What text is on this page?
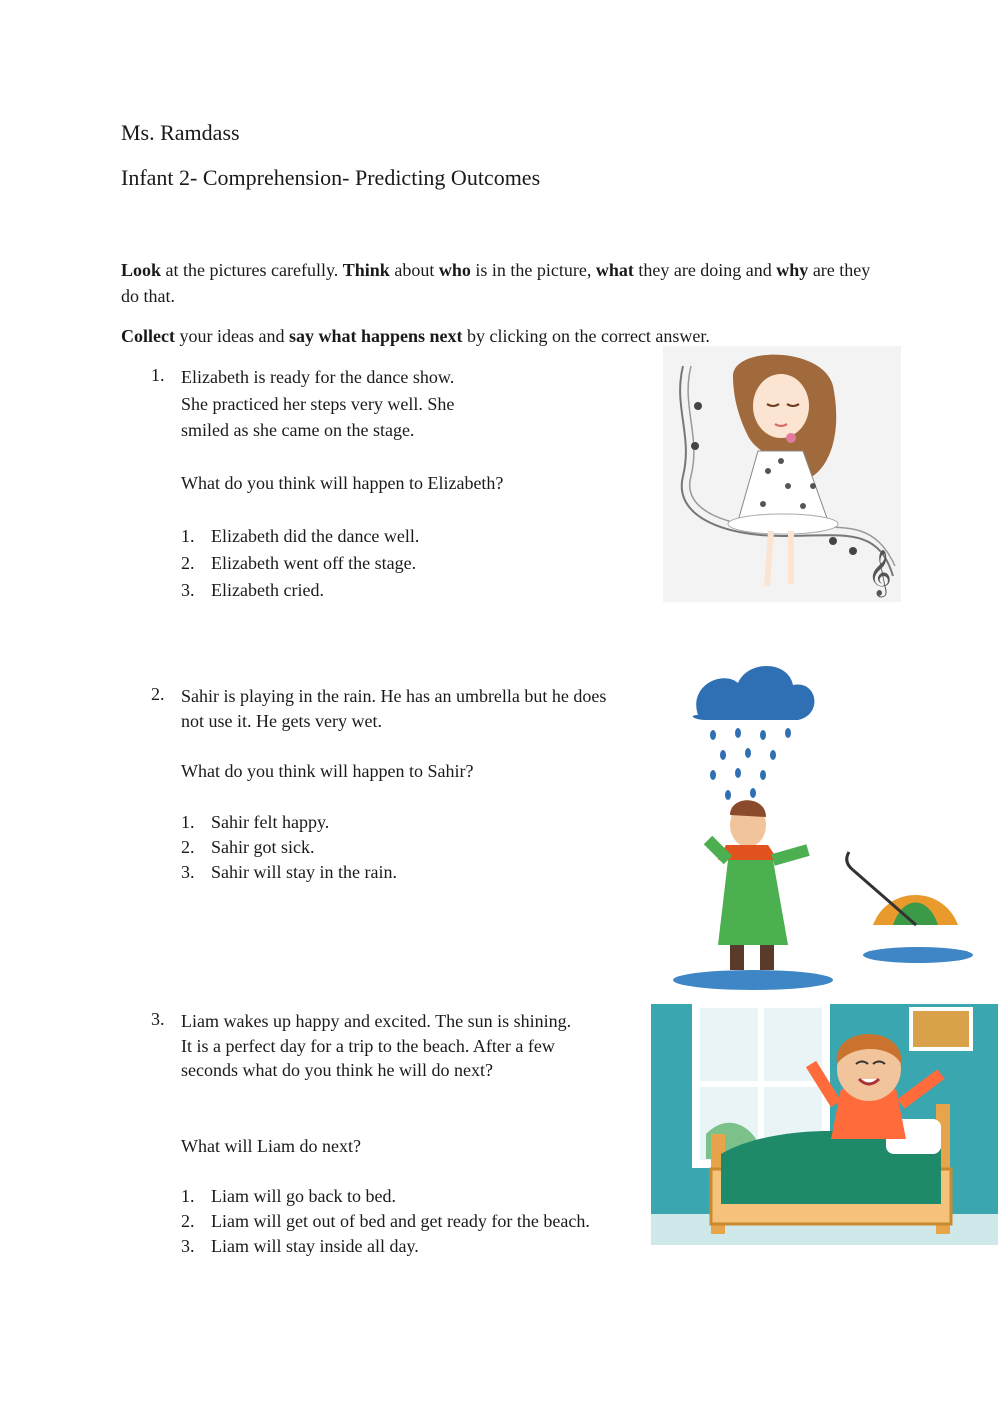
Ms. Ramdass
Infant 2- Comprehension- Predicting Outcomes
Look at the pictures carefully. Think about who is in the picture, what they are doing and why are they do that.
Collect your ideas and say what happens next by clicking on the correct answer.
1. Elizabeth is ready for the dance show.
She practiced her steps very well. She
smiled as she came on the stage.
What do you think will happen to Elizabeth?
1. Elizabeth did the dance well.
2. Elizabeth went off the stage.
3. Elizabeth cried.	𝄞
2. Sahir is playing in the rain. He has an umbrella but he does
not use it. He gets very wet.
What do you think will happen to Sahir?
1. Sahir felt happy.
2. Sahir got sick.
3. Sahir will stay in the rain.
3. Liam wakes up happy and excited. The sun is shining.
It is a perfect day for a trip to the beach. After a few
seconds what do you think he will do next?
What will Liam do next?
1. Liam will go back to bed.
2. Liam will get out of bed and get ready for the beach.
3. Liam will stay inside all day.
